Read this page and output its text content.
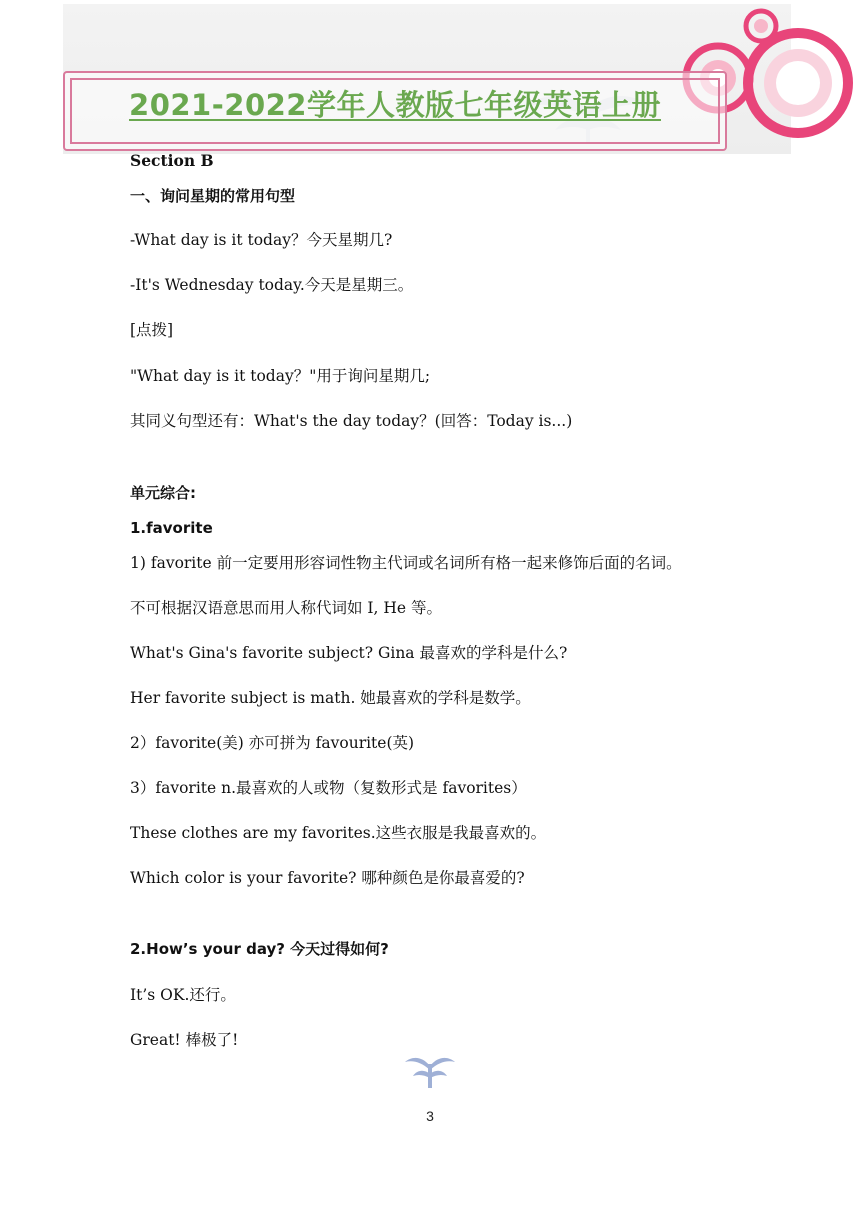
2021-2022学年人教版七年级英语上册
Section B
一、询问星期的常用句型
-What day is it today？今天星期几?
-It's Wednesday today.今天是星期三。
[点拨]
"What day is it today？"用于询问星期几;
其同义句型还有：What's the day today？(回答：Today is...)
单元综合:
1.favorite
1) favorite 前一定要用形容词性物主代词或名词所有格一起来修饰后面的名词。
不可根据汉语意思而用人称代词如 I, He 等。
What's Gina's favorite subject? Gina 最喜欢的学科是什么?
Her favorite subject is math. 她最喜欢的学科是数学。
2）favorite(美) 亦可拼为 favourite(英)
3）favorite n.最喜欢的人或物（复数形式是 favorites）
These clothes are my favorites.这些衣服是我最喜欢的。
Which color is your favorite? 哪种颜色是你最喜爱的?
2.How’s your day? 今天过得如何?
It’s OK.还行。
Great! 棒极了!
3
